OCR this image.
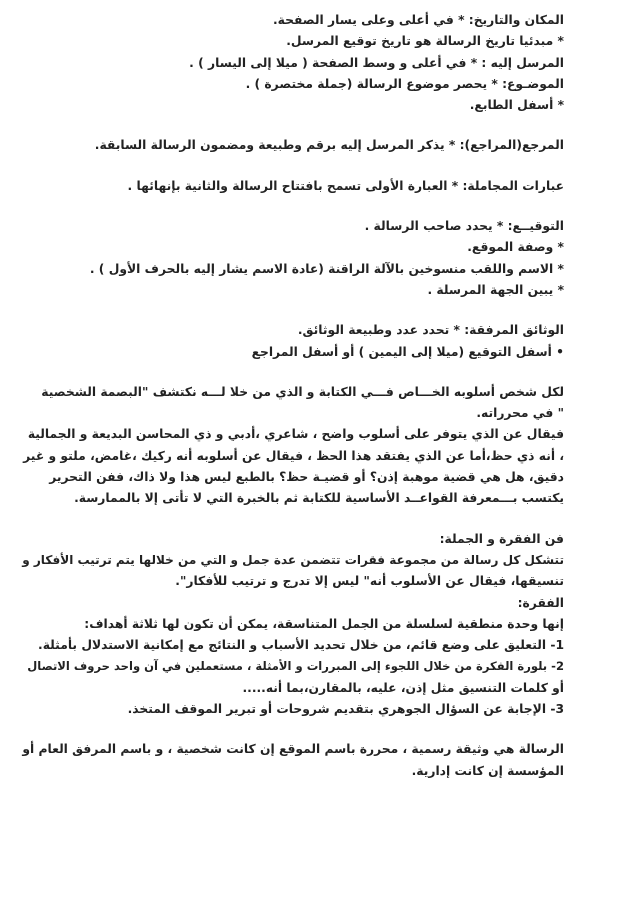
المكان والتاريخ: * في أعلى وعلى يسار الصفحة.
* مبدئيا تاريخ الرسالة هو تاريخ توقيع المرسل.
المرسل إليه : * في أعلى و وسط الصفحة ( ميلا إلى اليسار ) .
الموضـوع: * يحصر موضوع الرسالة (جملة مختصرة ) .
* أسفل الطابع.
المرجع(المراجع): * يذكر المرسل إليه برقم وطبيعة ومضمون الرسالة السابقة.
عبارات المجاملة: * العبارة الأولى تسمح بافتتاح الرسالة والثانية بإنهائها .
التوقيــع: * يحدد صاحب الرسالة .
* وصفة الموقع.
* الاسم واللقب منسوخين بالآلة الراقنة (عادة الاسم يشار إليه بالحرف الأول ) .
* يبين الجهة المرسلة .
الوثائق المرفقة: * تحدد عدد وطبيعة الوثائق.
• أسفل التوقيع (ميلا إلى اليمين ) أو أسفل المراجع
لكل شخص أسلوبه الخـــاص فـــي الكتابة و الذي من خلا لـــه نكتشف "البصمة الشخصية
" في محرراته.
فيقال عن الذي يتوفر على أسلوب واضح ، شاعري ،أدبي و ذي المحاسن البديعة و الجمالية
، أنه ذي حظ،أما عن الذي يفتقد هذا الحظ ، فيقال عن أسلوبه أنه ركيك ،غامض، ملتو و غير
دقيق، هل هي قضية موهبة إذن؟ أو قضيـة حظ؟ بالطبع ليس هذا ولا ذاك، ففن التحرير
يكتسب بـــمعرفة القواعــد الأساسية للكتابة ثم بالخبرة التي لا تأتى إلا بالممارسة.
فن الفقرة و الجملة:
تتشكل كل رسالة من مجموعة فقرات تتضمن عدة جمل و التي من خلالها يتم ترتيب الأفكار و
تنسيقها، فيقال عن الأسلوب أنه" ليس إلا تدرج و ترتيب للأفكار".
الفقرة:
إنها وحدة منطقية لسلسلة من الجمل المتناسقة، يمكن أن تكون لها ثلاثة أهداف:
1- التعليق على وضع قائم، من خلال تحديد الأسباب و النتائج مع إمكانية الاستدلال بأمثلة.
2- بلورة الفكرة من خلال اللجوء إلى المبررات و الأمثلة ، مستعملين في آن واحد حروف الاتصال
أو كلمات التنسيق مثل إذن، عليه، بالمقارن،بما أنه.....
3- الإجابة عن السؤال الجوهري بتقديم شروحات أو تبرير الموقف المتخذ.
الرسالة هي وثيقة رسمية ، محررة باسم الموقع إن كانت شخصية ، و باسم المرفق العام أو
المؤسسة إن كانت إدارية.
